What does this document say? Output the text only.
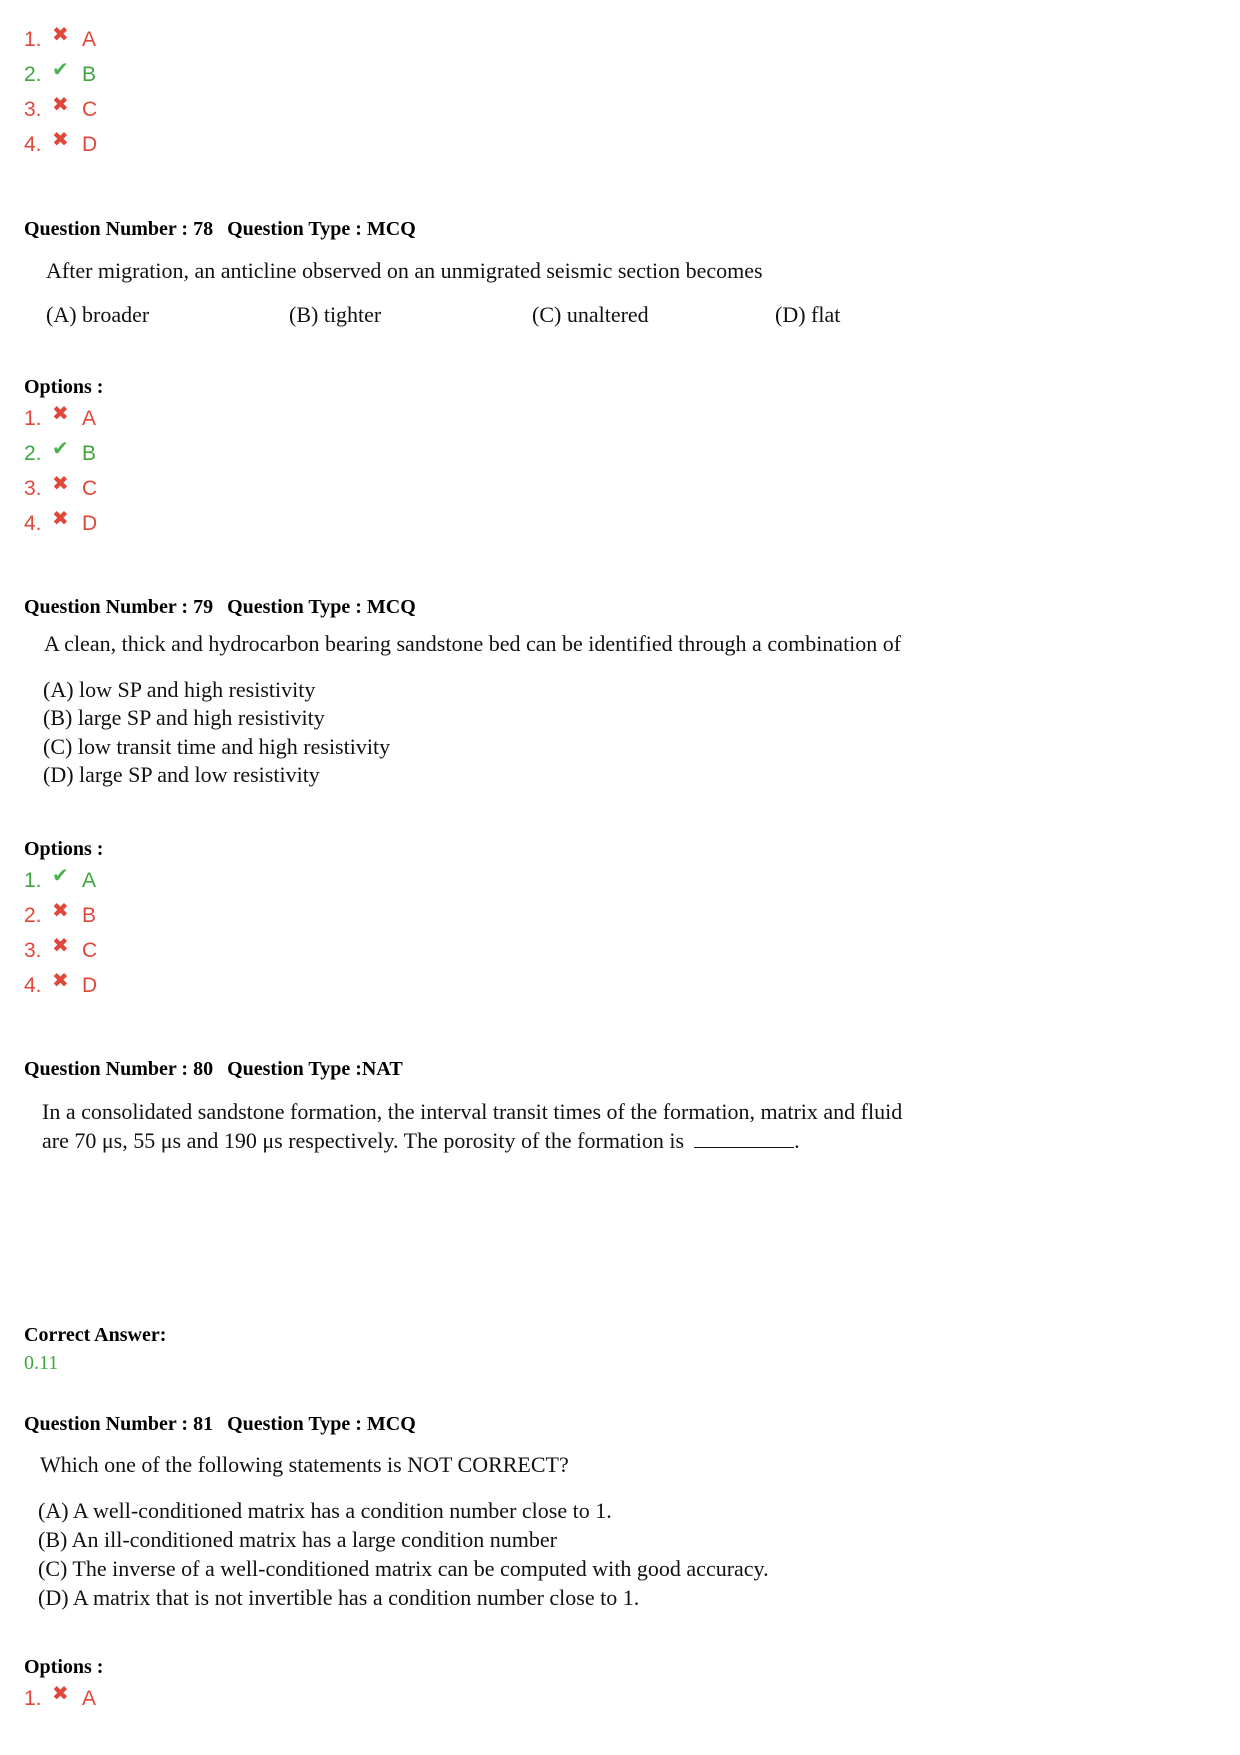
1. ✖ A
2. ✔ B
3. ✖ C
4. ✖ D
Question Number : 78 Question Type : MCQ
After migration, an anticline observed on an unmigrated seismic section becomes
(A) broader	(B) tighter	(C) unaltered	(D) flat
Options :
1. ✖ A
2. ✔ B
3. ✖ C
4. ✖ D
Question Number : 79 Question Type : MCQ
A clean, thick and hydrocarbon bearing sandstone bed can be identified through a combination of
(A) low SP and high resistivity
(B) large SP and high resistivity
(C) low transit time and high resistivity
(D) large SP and low resistivity
Options :
1. ✔ A
2. ✖ B
3. ✖ C
4. ✖ D
Question Number : 80 Question Type :NAT
In a consolidated sandstone formation, the interval transit times of the formation, matrix and fluid
are 70 μs, 55 μs and 190 μs respectively. The porosity of the formation is	.
Correct Answer:
0.11
Question Number : 81 Question Type : MCQ
Which one of the following statements is NOT CORRECT?
(A) A well-conditioned matrix has a condition number close to 1.
(B) An ill-conditioned matrix has a large condition number
(C) The inverse of a well-conditioned matrix can be computed with good accuracy.
(D) A matrix that is not invertible has a condition number close to 1.
Options :
1. ✖ A
